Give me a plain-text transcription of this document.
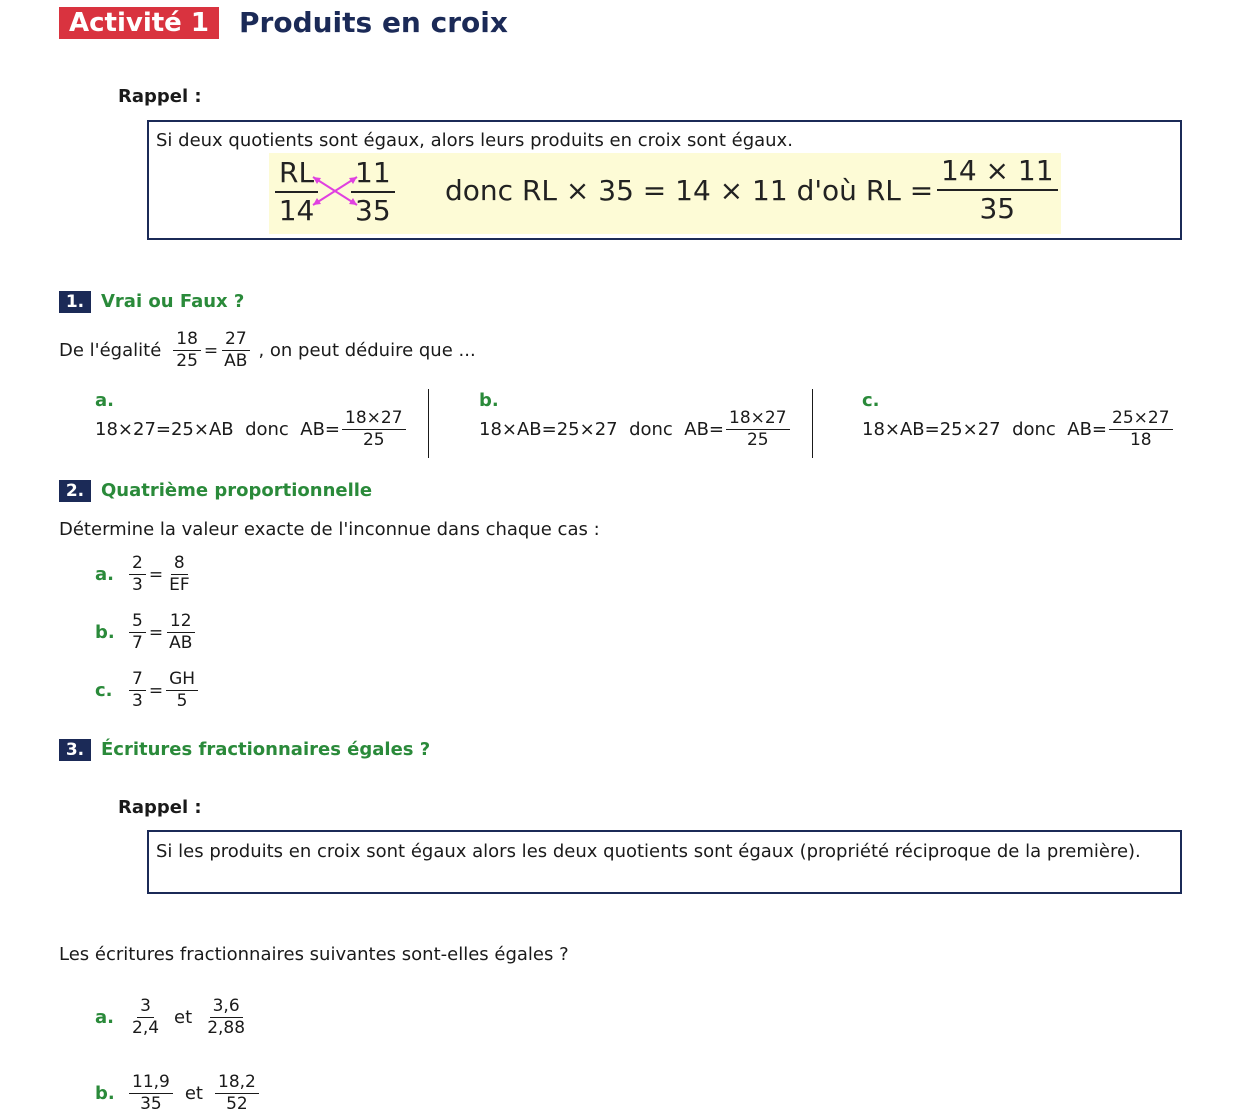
Activité 1	Produits en croix
Rappel :
Si deux quotients sont égaux, alors leurs produits en croix sont égaux.
$\frac{RL}{14} \frac{11}{35}$ donc RL × 35 = 14 × 11 d'où RL = $\frac{14 \times 11}{35}$
1. Vrai ou Faux ?
De l'égalité $\frac{18}{25} = \frac{27}{AB}$ , on peut déduire que ...
a.
18×27=25×AB  donc  $AB= \frac{18\times 27}{25}$
b.
18×AB=25×27  donc  $AB= \frac{18\times 27}{25}$
c.
18×AB=25×27  donc  $AB= \frac{25\times 27}{18}$
2. Quatrième proportionnelle
Détermine la valeur exacte de l'inconnue dans chaque cas :
a. $\frac{2}{3} = \frac{8}{EF}$
b. $\frac{5}{7} = \frac{12}{AB}$
c. $\frac{7}{3} = \frac{GH}{5}$
3. Écritures fractionnaires égales ?
Rappel :
Si les produits en croix sont égaux alors les deux quotients sont égaux (propriété réciproque de la première).
Les écritures fractionnaires suivantes sont-elles égales ?
a. $\frac{3}{2,4}$ et $\frac{3,6}{2,88}$
b. $\frac{11,9}{35}$ et $\frac{18,2}{52}$
